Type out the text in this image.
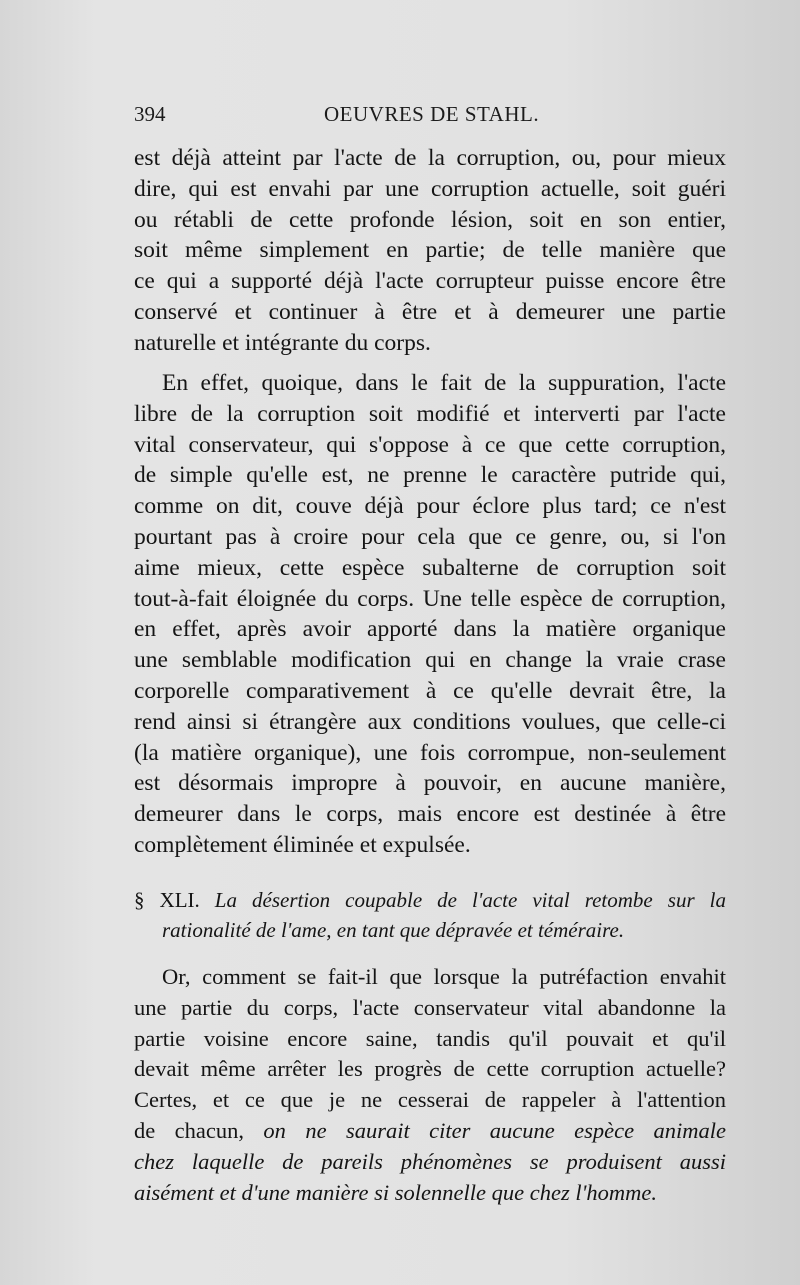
394	OEUVRES DE STAHL.
est déjà atteint par l'acte de la corruption, ou, pour mieux
dire, qui est envahi par une corruption actuelle, soit guéri
ou rétabli de cette profonde lésion, soit en son entier,
soit même simplement en partie; de telle manière que
ce qui a supporté déjà l'acte corrupteur puisse encore être
conservé et continuer à être et à demeurer une partie
naturelle et intégrante du corps.
En effet, quoique, dans le fait de la suppuration, l'acte
libre de la corruption soit modifié et interverti par l'acte
vital conservateur, qui s'oppose à ce que cette corruption,
de simple qu'elle est, ne prenne le caractère putride qui,
comme on dit, couve déjà pour éclore plus tard; ce n'est
pourtant pas à croire pour cela que ce genre, ou, si l'on
aime mieux, cette espèce subalterne de corruption soit
tout-à-fait éloignée du corps. Une telle espèce de corruption,
en effet, après avoir apporté dans la matière organique
une semblable modification qui en change la vraie crase
corporelle comparativement à ce qu'elle devrait être, la
rend ainsi si étrangère aux conditions voulues, que celle-ci
(la matière organique), une fois corrompue, non-seulement
est désormais impropre à pouvoir, en aucune manière,
demeurer dans le corps, mais encore est destinée à être
complètement éliminée et expulsée.
§ XLI. La désertion coupable de l'acte vital retombe sur la
rationalité de l'ame, en tant que dépravée et téméraire.
Or, comment se fait-il que lorsque la putréfaction envahit
une partie du corps, l'acte conservateur vital abandonne la
partie voisine encore saine, tandis qu'il pouvait et qu'il
devait même arrêter les progrès de cette corruption actuelle?
Certes, et ce que je ne cesserai de rappeler à l'attention
de chacun, on ne saurait citer aucune espèce animale
chez laquelle de pareils phénomènes se produisent aussi
aisément et d'une manière si solennelle que chez l'homme.
